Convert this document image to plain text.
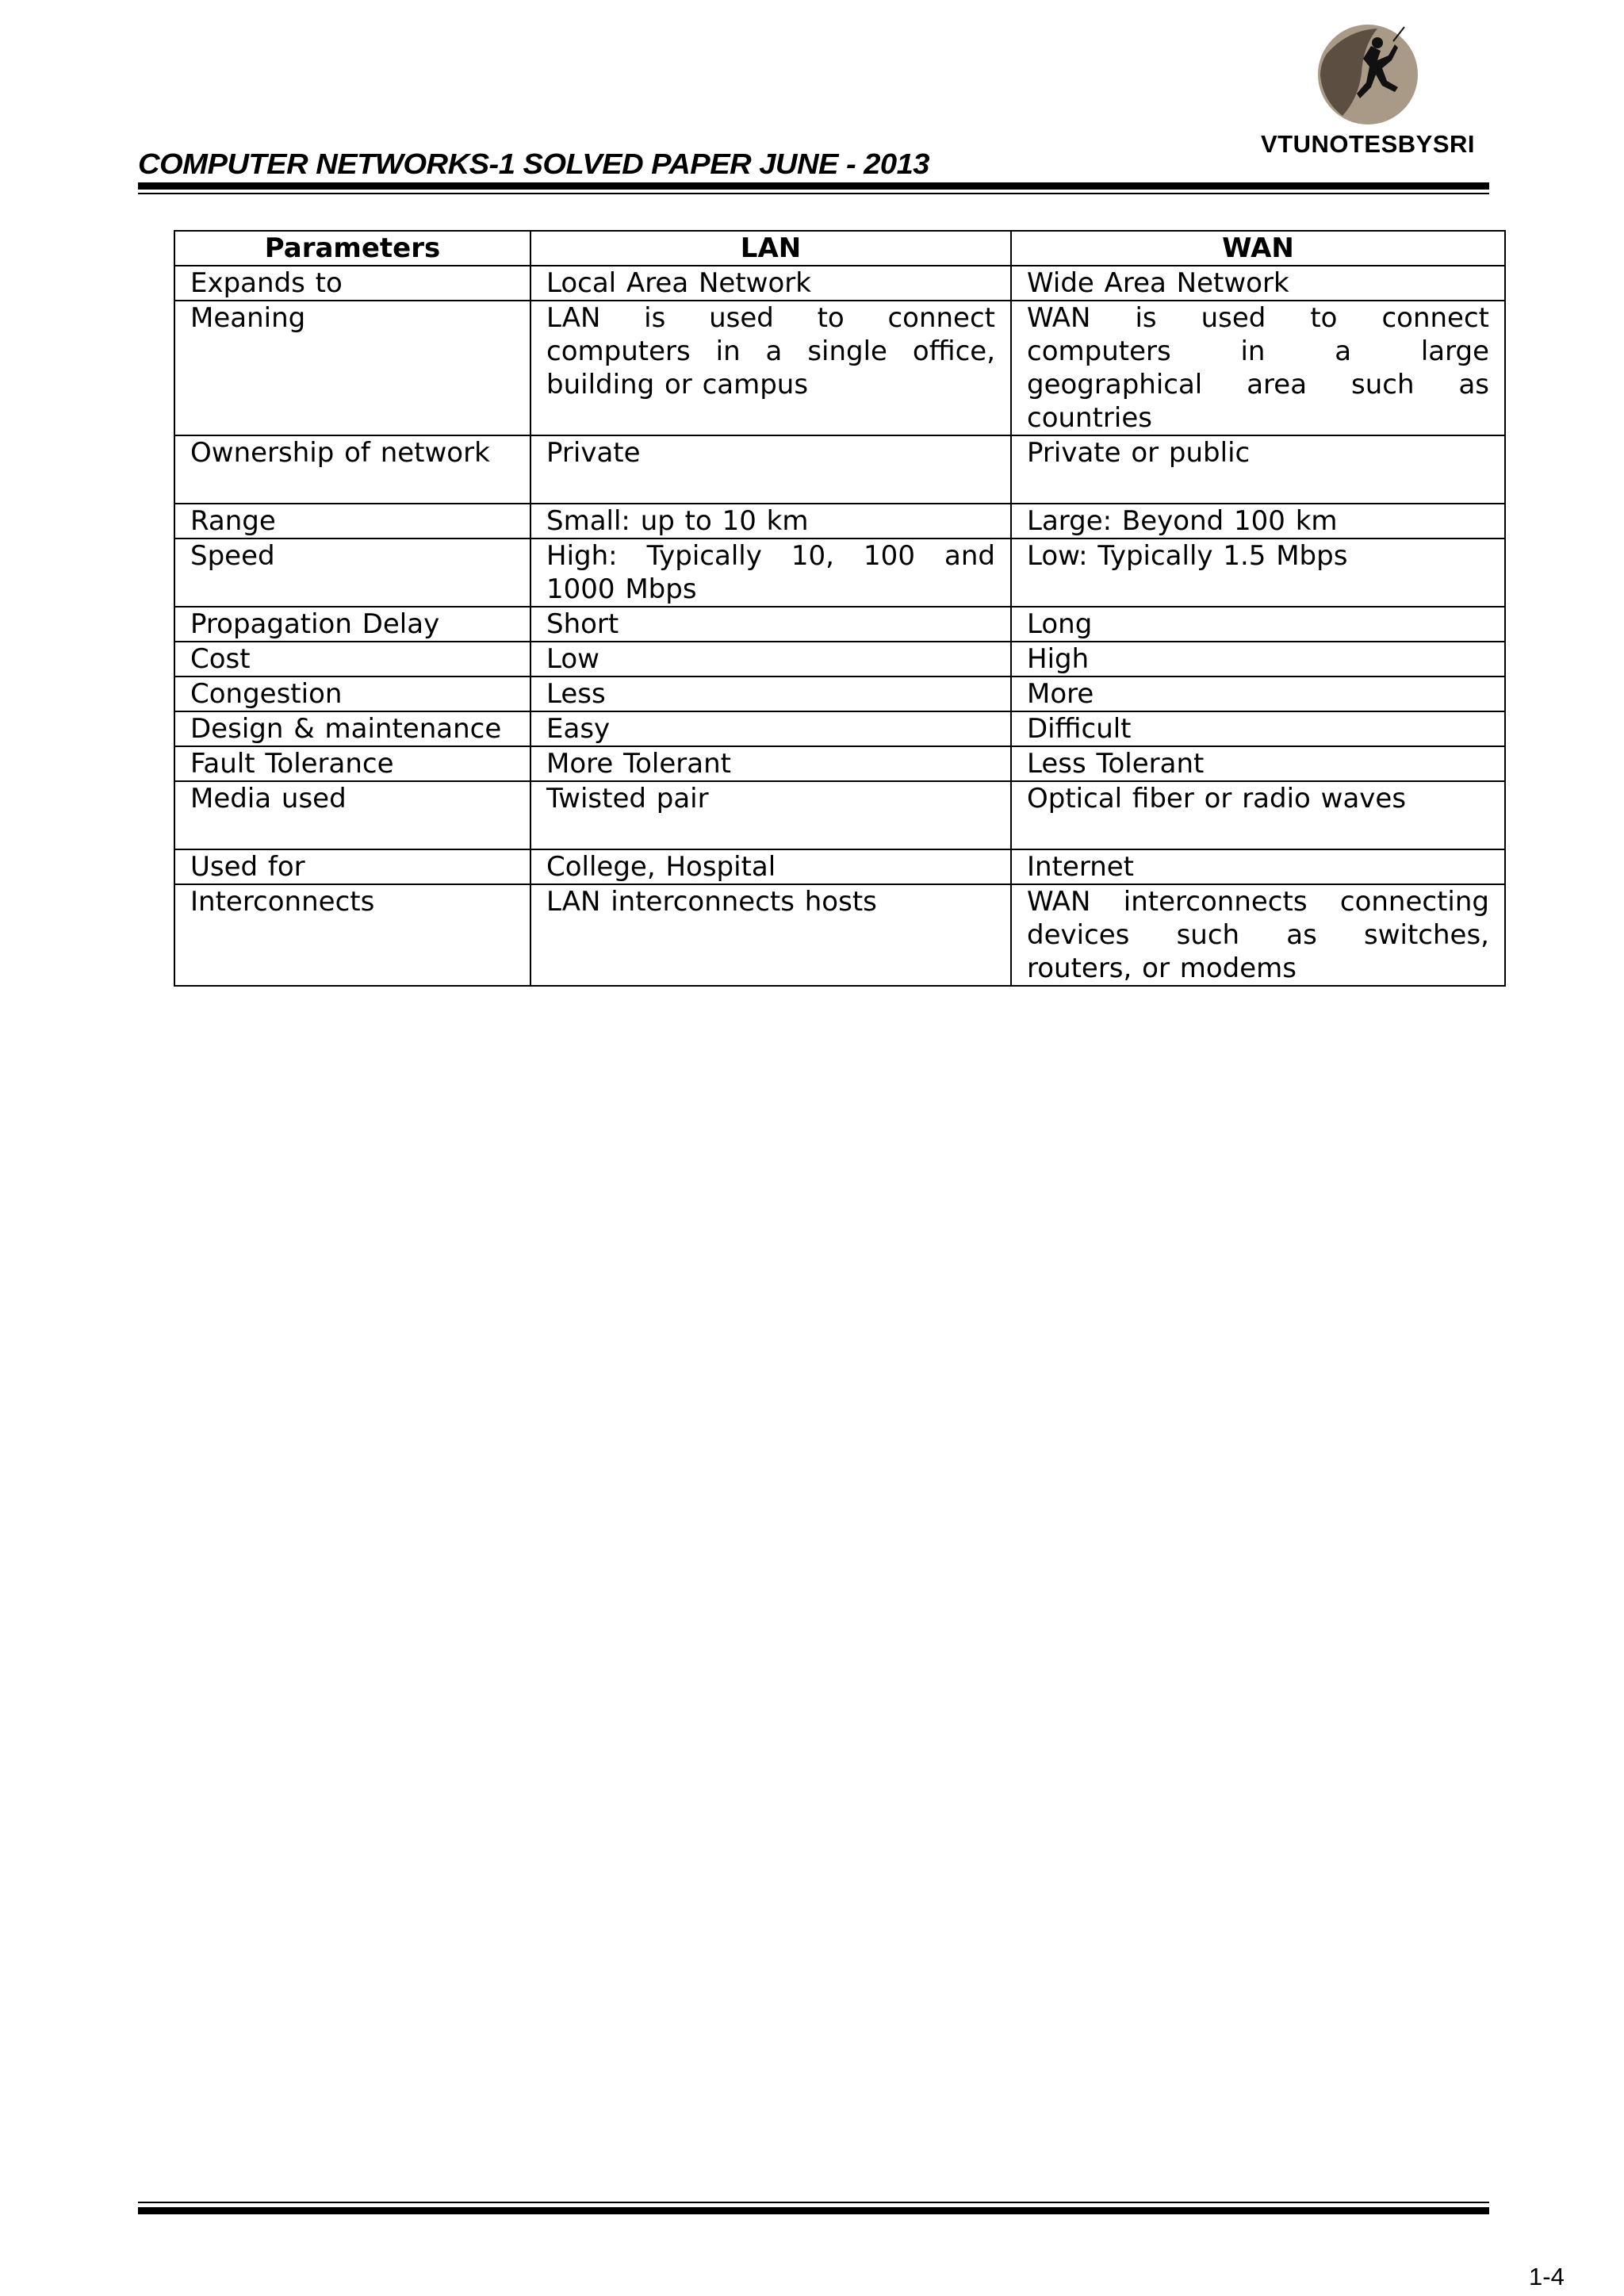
VTUNOTESBYSRI
COMPUTER NETWORKS-1 SOLVED PAPER JUNE - 2013
Parameters	LAN	WAN
Expands to	Local Area Network	Wide Area Network
Meaning	LAN is used to connect computers in a single office, building or campus	WAN is used to connect computers in a large geographical area such as countries
Ownership of network	Private	Private or public
Range	Small: up to 10 km	Large: Beyond 100 km
Speed	High: Typically 10, 100 and 1000 Mbps	Low: Typically 1.5 Mbps
Propagation Delay	Short	Long
Cost	Low	High
Congestion	Less	More
Design & maintenance	Easy	Difficult
Fault Tolerance	More Tolerant	Less Tolerant
Media used	Twisted pair	Optical fiber or radio waves
Used for	College, Hospital	Internet
Interconnects	LAN interconnects hosts	WAN interconnects connecting devices such as switches, routers, or modems
1-4
